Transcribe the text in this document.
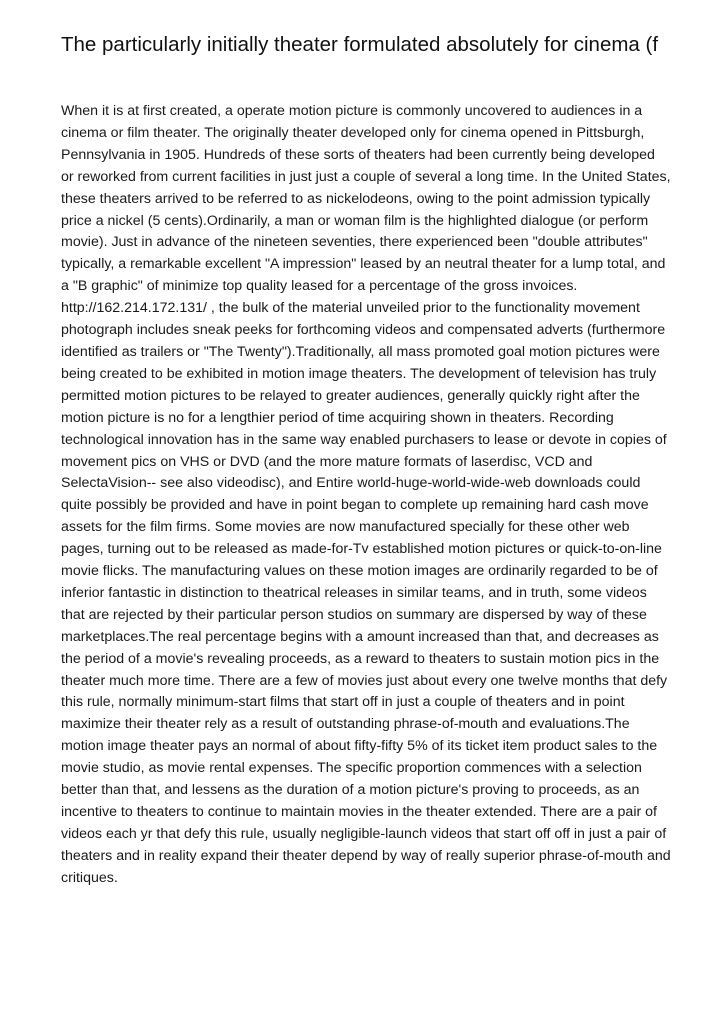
The particularly initially theater formulated absolutely for cinema (f

When it is at first created, a operate motion picture is commonly uncovered to audiences in a cinema or film theater. The originally theater developed only for cinema opened in Pittsburgh, Pennsylvania in 1905. Hundreds of these sorts of theaters had been currently being developed or reworked from current facilities in just just a couple of several a long time. In the United States, these theaters arrived to be referred to as nickelodeons, owing to the point admission typically price a nickel (5 cents).Ordinarily, a man or woman film is the highlighted dialogue (or perform movie). Just in advance of the nineteen seventies, there experienced been "double attributes" typically, a remarkable excellent "A impression" leased by an neutral theater for a lump total, and a "B graphic" of minimize top quality leased for a percentage of the gross invoices. http://162.214.172.131/ , the bulk of the material unveiled prior to the functionality movement photograph includes sneak peeks for forthcoming videos and compensated adverts (furthermore identified as trailers or "The Twenty").Traditionally, all mass promoted goal motion pictures were being created to be exhibited in motion image theaters. The development of television has truly permitted motion pictures to be relayed to greater audiences, generally quickly right after the motion picture is no for a lengthier period of time acquiring shown in theaters. Recording technological innovation has in the same way enabled purchasers to lease or devote in copies of movement pics on VHS or DVD (and the more mature formats of laserdisc, VCD and SelectaVision-- see also videodisc), and Entire world-huge-world-wide-web downloads could quite possibly be provided and have in point began to complete up remaining hard cash move assets for the film firms. Some movies are now manufactured specially for these other web pages, turning out to be released as made-for-Tv established motion pictures or quick-to-on-line movie flicks. The manufacturing values on these motion images are ordinarily regarded to be of inferior fantastic in distinction to theatrical releases in similar teams, and in truth, some videos that are rejected by their particular person studios on summary are dispersed by way of these marketplaces.The real percentage begins with a amount increased than that, and decreases as the period of a movie's revealing proceeds, as a reward to theaters to sustain motion pics in the theater much more time. There are a few of movies just about every one twelve months that defy this rule, normally minimum-start films that start off in just a couple of theaters and in point maximize their theater rely as a result of outstanding phrase-of-mouth and evaluations.The motion image theater pays an normal of about fifty-fifty 5% of its ticket item product sales to the movie studio, as movie rental expenses. The specific proportion commences with a selection better than that, and lessens as the duration of a motion picture's proving to proceeds, as an incentive to theaters to continue to maintain movies in the theater extended. There are a pair of videos each yr that defy this rule, usually negligible-launch videos that start off off in just a pair of theaters and in reality expand their theater depend by way of really superior phrase-of-mouth and critiques.
